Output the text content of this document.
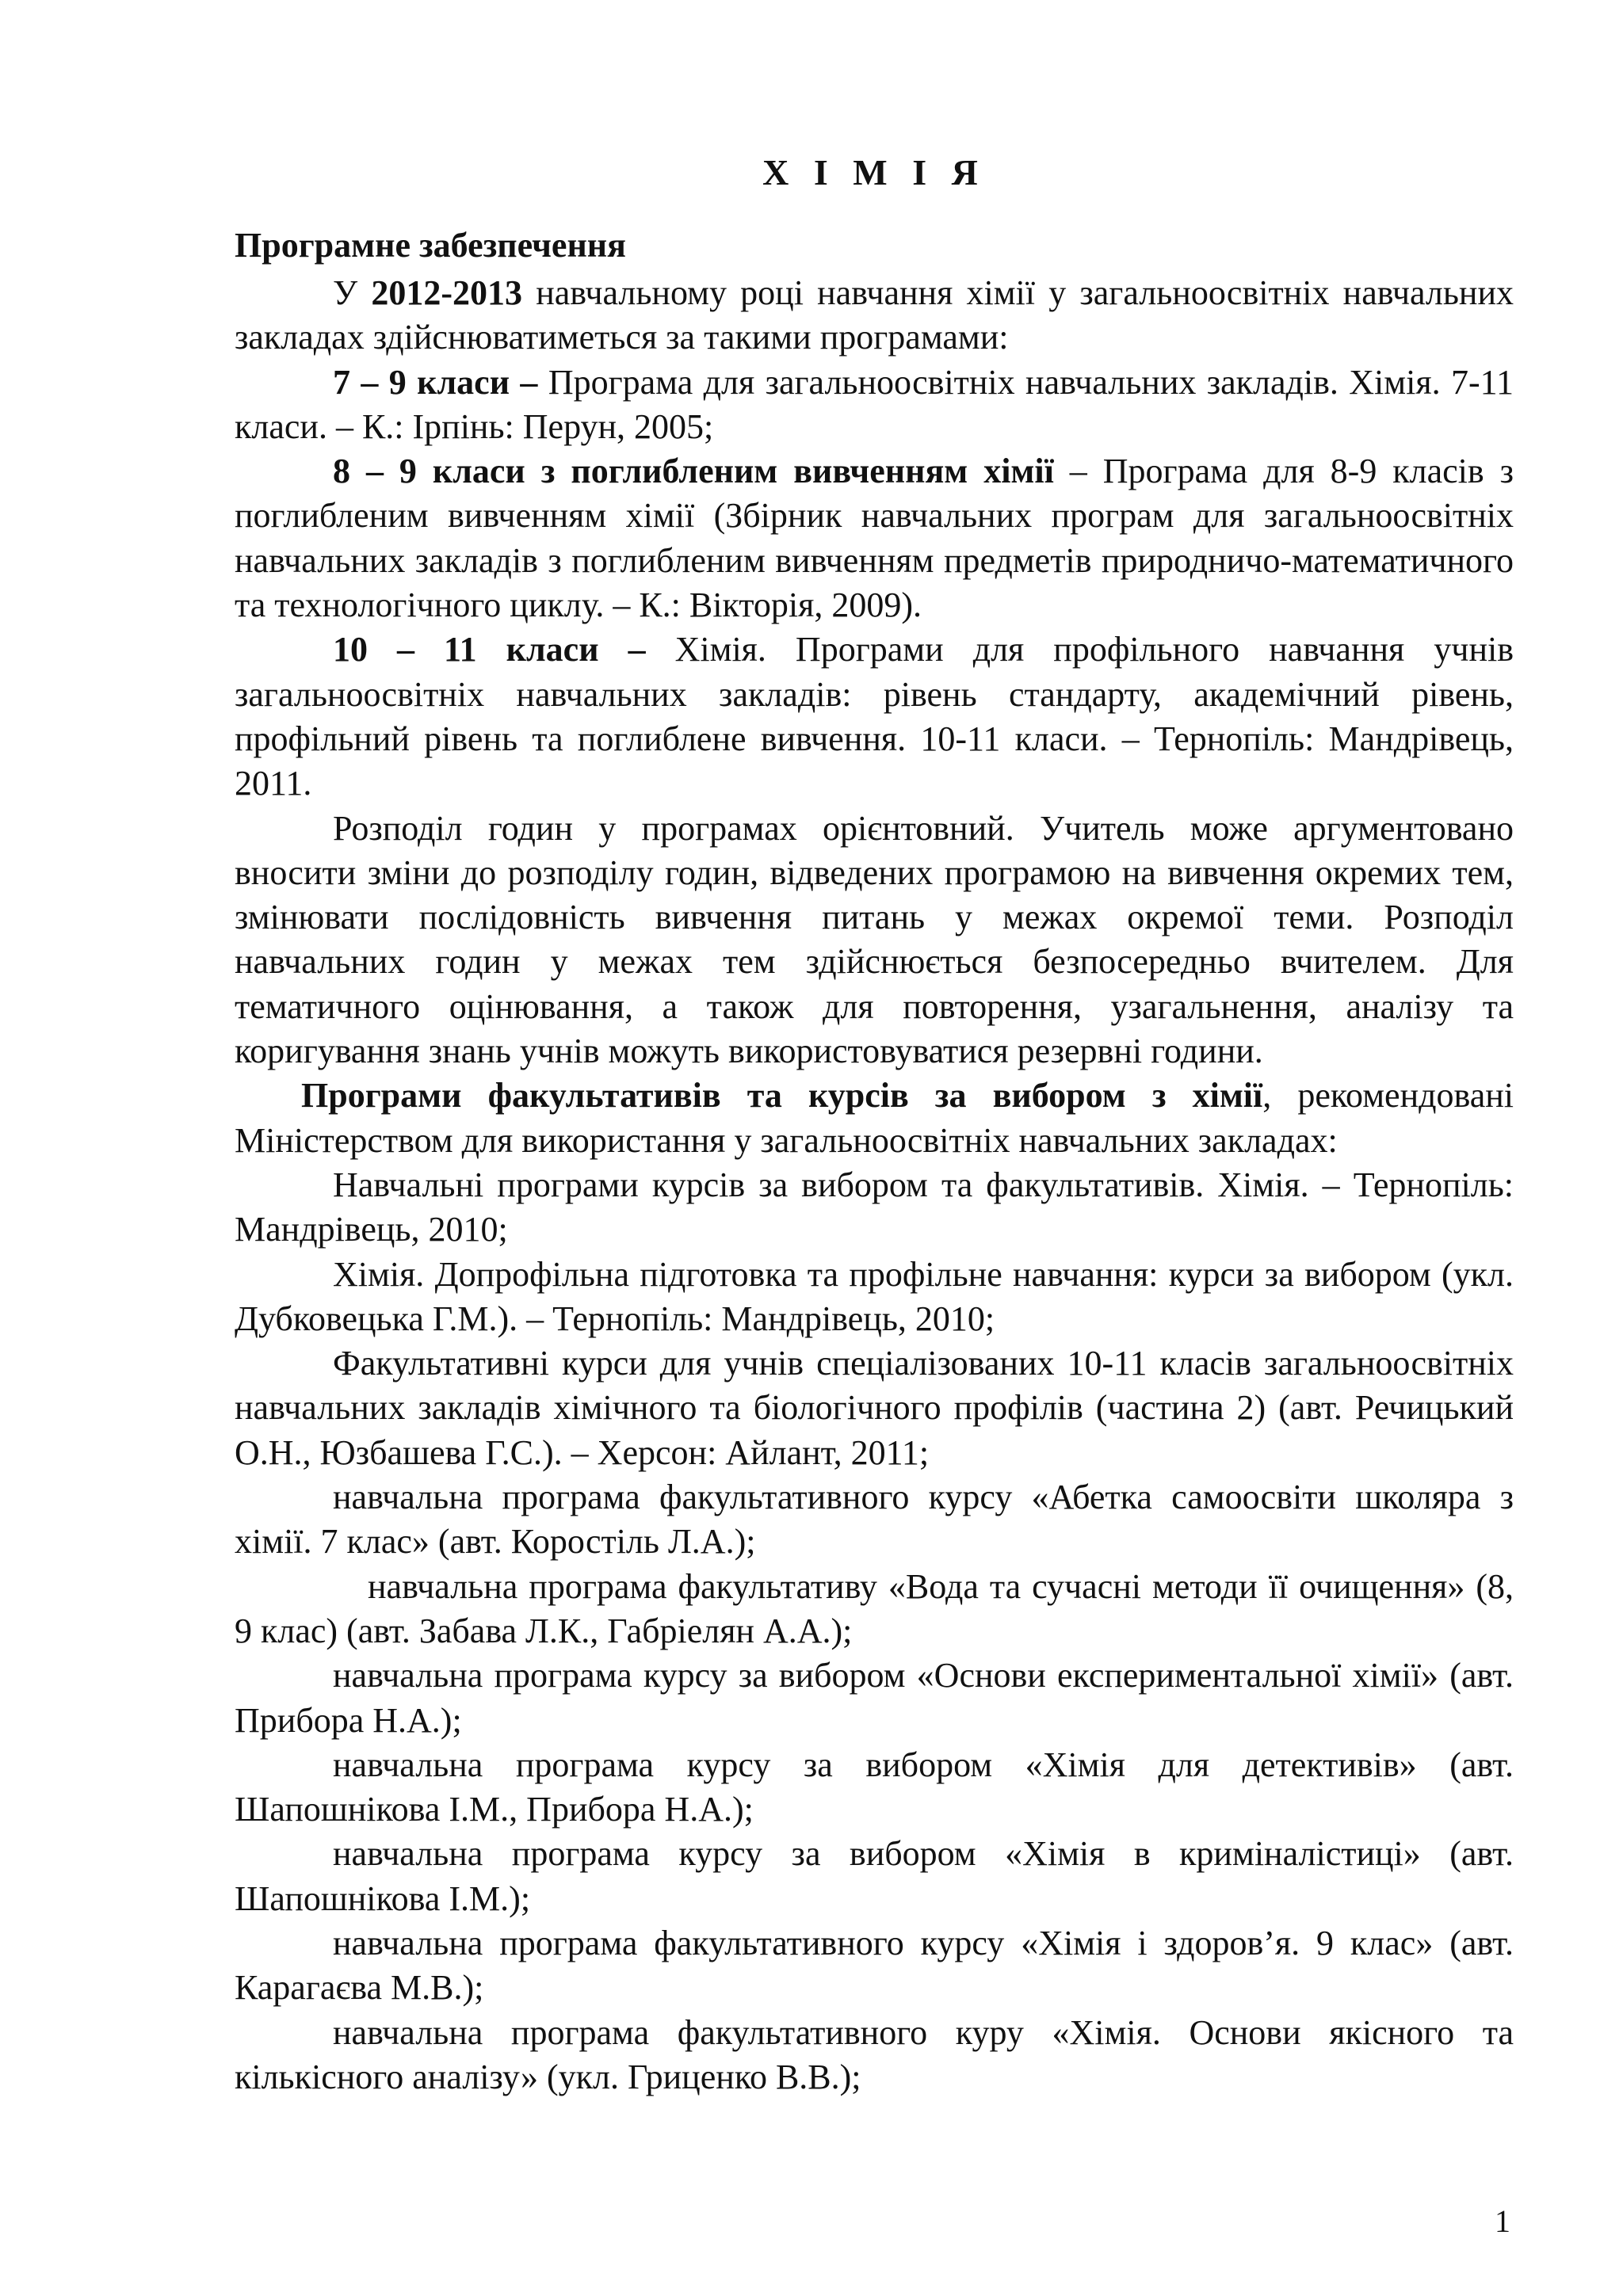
Х І М І Я
Програмне забезпечення

У 2012-2013 навчальному році навчання хімії у загальноосвітніх навчальних закладах здійснюватиметься за такими програмами:

7 – 9 класи – Програма для загальноосвітніх навчальних закладів. Хімія. 7-11 класи. – К.: Ірпінь: Перун, 2005;

8 – 9 класи з поглибленим вивченням хімії – Програма для 8-9 класів з поглибленим вивченням хімії (Збірник навчальних програм для загальноосвітніх навчальних закладів з поглибленим вивченням предметів природничо-математичного та технологічного циклу. – К.: Вікторія, 2009).

10 – 11 класи – Хімія. Програми для профільного навчання учнів загальноосвітніх навчальних закладів: рівень стандарту, академічний рівень, профільний рівень та поглиблене вивчення. 10-11 класи. – Тернопіль: Мандрівець, 2011.

Розподіл годин у програмах орієнтовний. Учитель може аргументовано вносити зміни до розподілу годин, відведених програмою на вивчення окремих тем, змінювати послідовність вивчення питань у межах окремої теми. Розподіл навчальних годин у межах тем здійснюється безпосередньо вчителем. Для тематичного оцінювання, а також для повторення, узагальнення, аналізу та коригування знань учнів можуть використовуватися резервні години.

Програми факультативів та курсів за вибором з хімії, рекомендовані Міністерством для використання у загальноосвітніх навчальних закладах:

Навчальні програми курсів за вибором та факультативів. Хімія. – Тернопіль: Мандрівець, 2010;

Хімія. Допрофільна підготовка та профільне навчання: курси за вибором (укл. Дубковецька Г.М.). – Тернопіль: Мандрівець, 2010;

Факультативні курси для учнів спеціалізованих 10-11 класів загальноосвітніх навчальних закладів хімічного та біологічного профілів (частина 2) (авт. Речицький О.Н., Юзбашева Г.С.). – Херсон: Айлант, 2011;

навчальна програма факультативного курсу «Абетка самоосвіти школяра з хімії. 7 клас» (авт. Коростіль Л.А.);

навчальна програма факультативу «Вода та сучасні методи її очищення» (8, 9 клас) (авт. Забава Л.К., Габріелян А.А.);

навчальна програма курсу за вибором «Основи експериментальної хімії» (авт. Прибора Н.А.);

навчальна програма курсу за вибором «Хімія для детективів» (авт. Шапошнікова І.М., Прибора Н.А.);

навчальна програма курсу за вибором «Хімія в криміналістиці» (авт. Шапошнікова І.М.);

навчальна програма факультативного курсу «Хімія і здоров’я. 9 клас» (авт. Карагаєва М.В.);

навчальна програма факультативного куру «Хімія. Основи якісного та кількісного аналізу» (укл. Гриценко В.В.);

1
